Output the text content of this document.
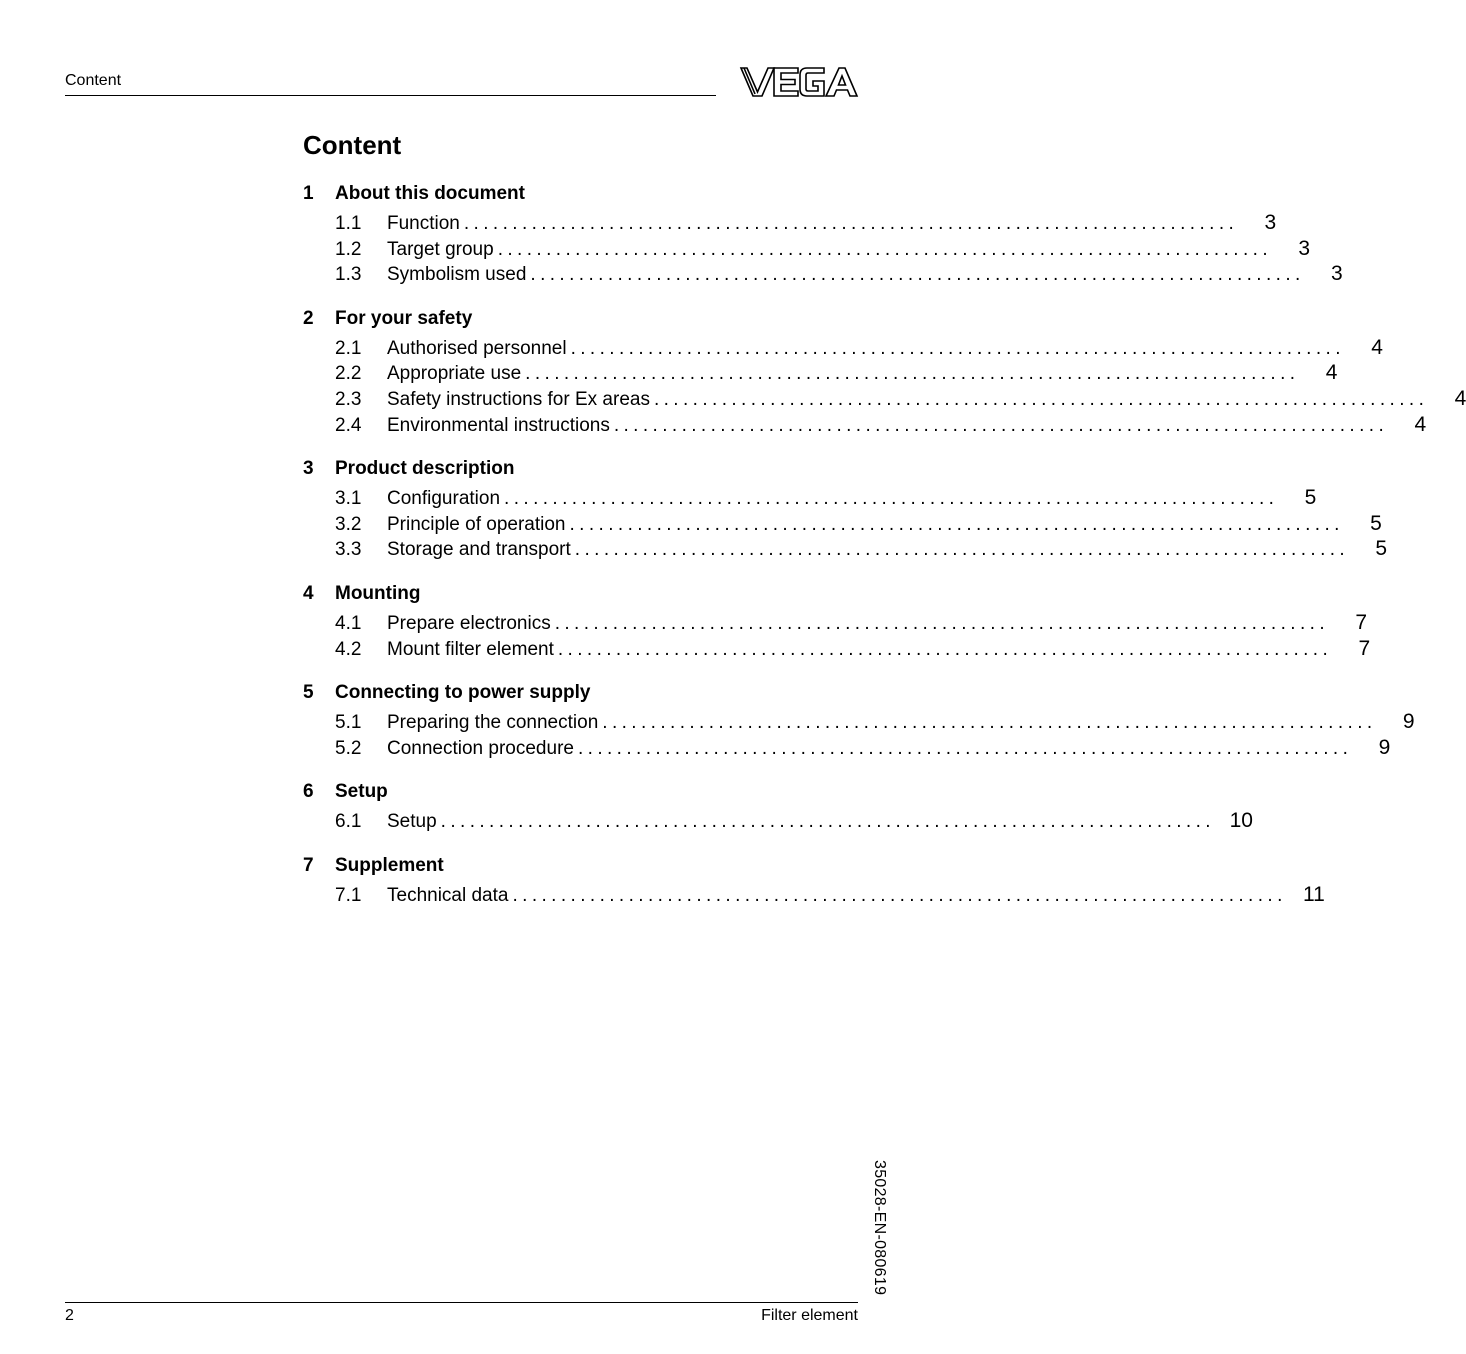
Content
Content
1	About this document
1.1	Function ................................................................................	3
1.2	Target group ................................................................................	3
1.3	Symbolism used ................................................................................	3
2	For your safety
2.1	Authorised personnel ................................................................................	4
2.2	Appropriate use ................................................................................	4
2.3	Safety instructions for Ex areas ................................................................................	4
2.4	Environmental instructions ................................................................................	4
3	Product description
3.1	Configuration ................................................................................	5
3.2	Principle of operation ................................................................................	5
3.3	Storage and transport ................................................................................	5
4	Mounting
4.1	Prepare electronics ................................................................................	7
4.2	Mount filter element ................................................................................	7
5	Connecting to power supply
5.1	Preparing the connection ................................................................................	9
5.2	Connection procedure ................................................................................	9
6	Setup
6.1	Setup ................................................................................ 10
7	Supplement
7.1	Technical data ................................................................................ 11
35028-EN-080619
2	Filter element
